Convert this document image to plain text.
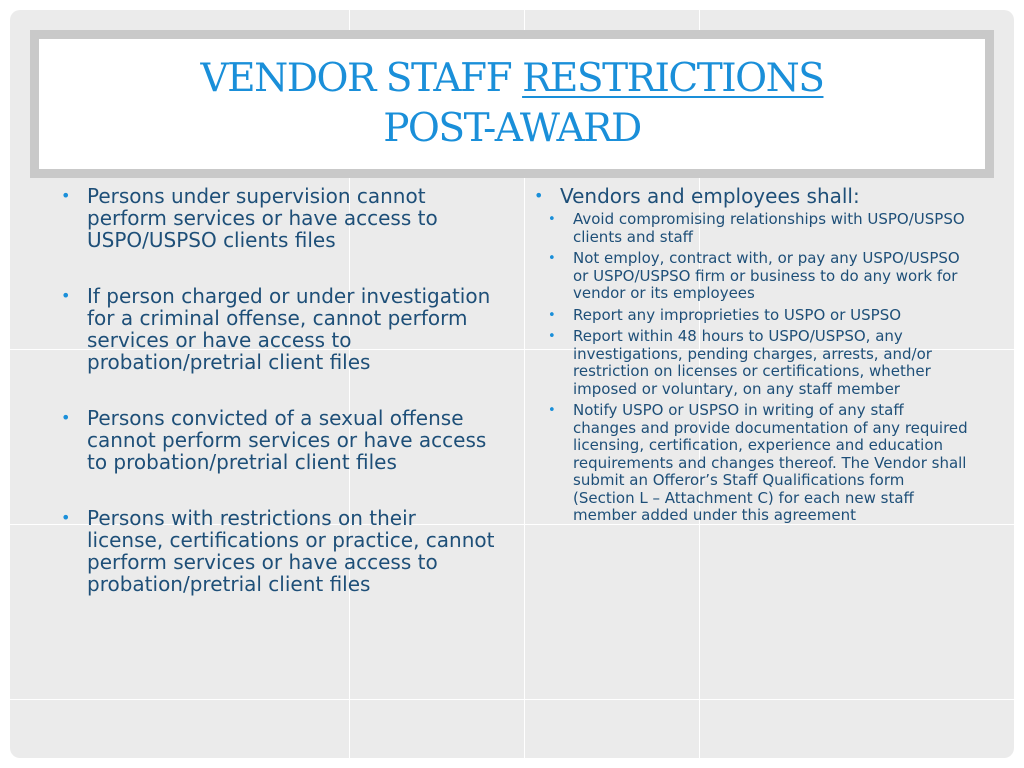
VENDOR STAFF RESTRICTIONS
POST-AWARD
• Persons under supervision cannot perform services or have access to USPO/USPSO clients files
• If person charged or under investigation for a criminal offense, cannot perform services or have access to probation/pretrial client files
• Persons convicted of a sexual offense cannot perform services or have access to probation/pretrial client files
• Persons with restrictions on their license, certifications or practice, cannot perform services or have access to probation/pretrial client files
• Vendors and employees shall:
• Avoid compromising relationships with USPO/USPSO clients and staff
• Not employ, contract with, or pay any USPO/USPSO or USPO/USPSO firm or business to do any work for vendor or its employees
• Report any improprieties to USPO or USPSO
• Report within 48 hours to USPO/USPSO, any investigations, pending charges, arrests, and/or restriction on licenses or certifications, whether imposed or voluntary, on any staff member
• Notify USPO or USPSO in writing of any staff changes and provide documentation of any required licensing, certification, experience and education requirements and changes thereof. The Vendor shall submit an Offeror’s Staff Qualifications form (Section L – Attachment C) for each new staff member added under this agreement
